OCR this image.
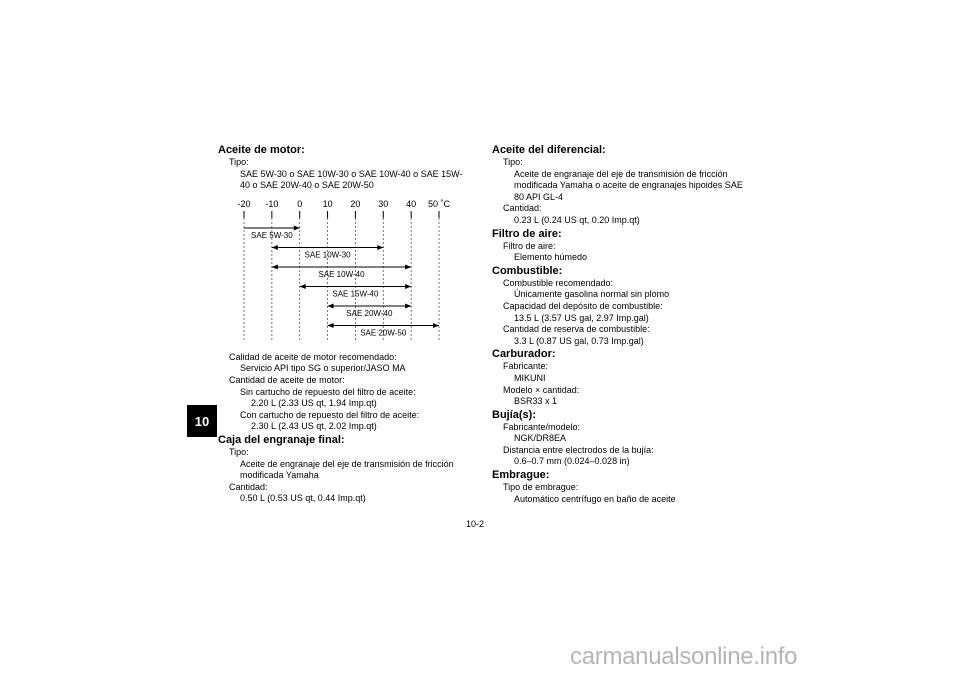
10
Aceite de motor:
Tipo:
SAE 5W-30 o SAE 10W-30 o SAE 10W-40 o SAE 15W-
40 o SAE 20W-40 o SAE 20W-50
-20 -10 0 10 20 30 40 50 ˚C
SAE 5W-30
SAE 10W-30
SAE 10W-40
SAE 15W-40
SAE 20W-40
SAE 20W-50
Calidad de aceite de motor recomendado:
Servicio API tipo SG o superior/JASO MA
Cantidad de aceite de motor:
Sin cartucho de repuesto del filtro de aceite:
2.20 L (2.33 US qt, 1.94 Imp.qt)
Con cartucho de repuesto del filtro de aceite:
2.30 L (2.43 US qt, 2.02 Imp.qt)
Caja del engranaje final:
Tipo:
Aceite de engranaje del eje de transmisión de fricción
modificada Yamaha
Cantidad:
0.50 L (0.53 US qt, 0.44 Imp.qt)
Aceite del diferencial:
Tipo:
Aceite de engranaje del eje de transmisión de fricción
modificada Yamaha o aceite de engranajes hipoides SAE
80 API GL-4
Cantidad:
0.23 L (0.24 US qt, 0.20 Imp.qt)
Filtro de aire:
Filtro de aire:
Elemento húmedo
Combustible:
Combustible recomendado:
Únicamente gasolina normal sin plomo
Capacidad del depósito de combustible:
13.5 L (3.57 US gal, 2.97 Imp.gal)
Cantidad de reserva de combustible:
3.3 L (0.87 US gal, 0.73 Imp.gal)
Carburador:
Fabricante:
MIKUNI
Modelo × cantidad:
BSR33 x 1
Bujía(s):
Fabricante/modelo:
NGK/DR8EA
Distancia entre electrodos de la bujía:
0.6–0.7 mm (0.024–0.028 in)
Embrague:
Tipo de embrague:
Automático centrífugo en baño de aceite
10-2
carmanualsonline.info
